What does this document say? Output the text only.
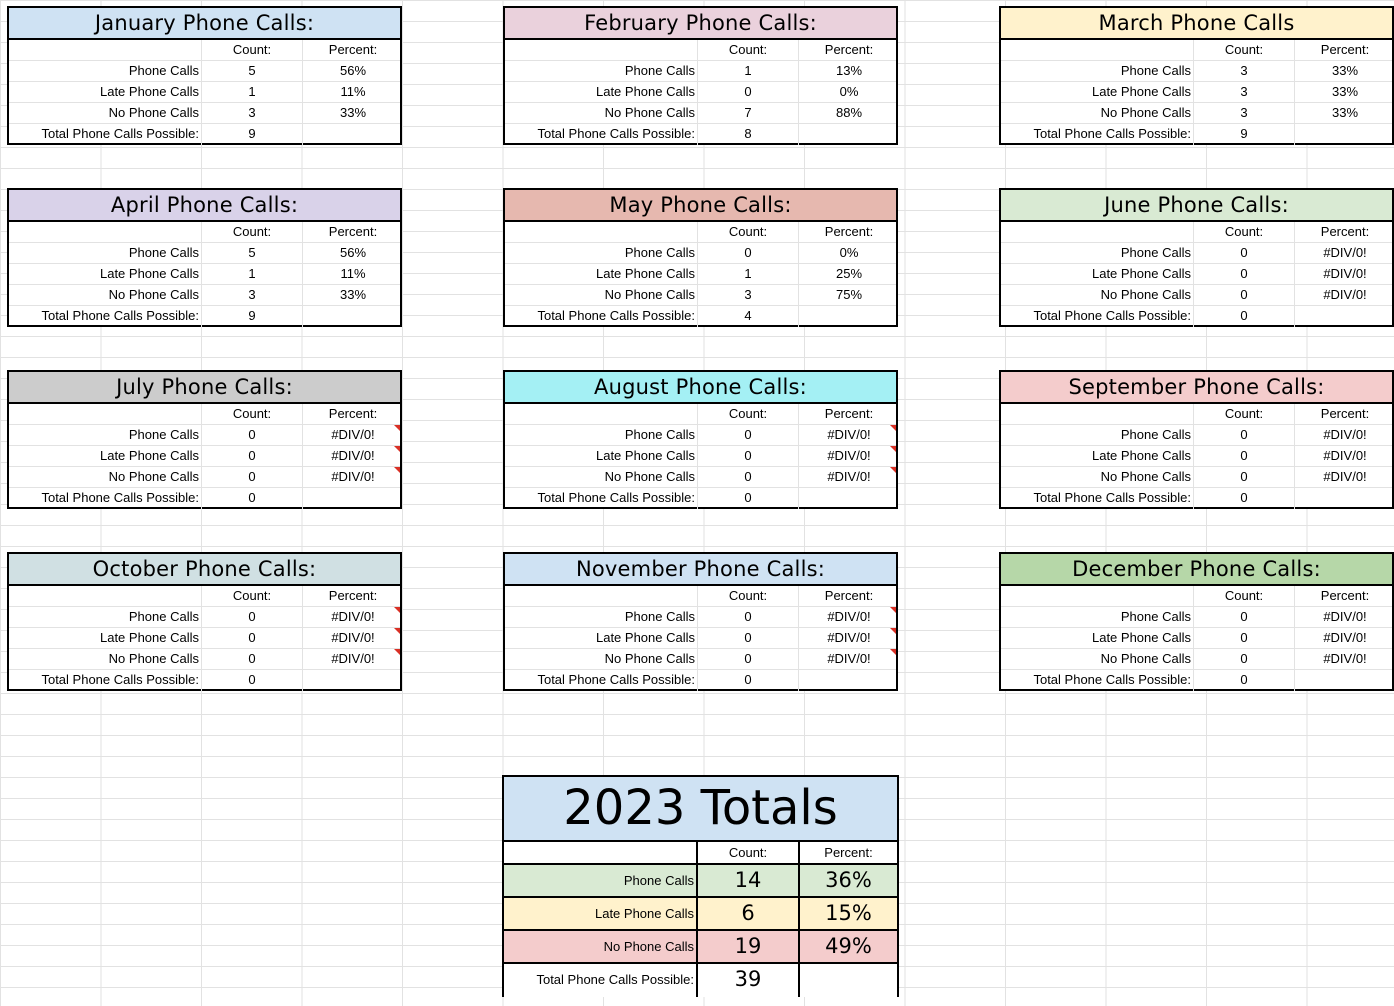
January Phone Calls:
Count:	Percent:
Phone Calls	5	56%
Late Phone Calls	1	11%
No Phone Calls	3	33%
Total Phone Calls Possible:	9
February Phone Calls:
Count:	Percent:
Phone Calls	1	13%
Late Phone Calls	0	0%
No Phone Calls	7	88%
Total Phone Calls Possible:	8
March Phone Calls
Count:	Percent:
Phone Calls	3	33%
Late Phone Calls	3	33%
No Phone Calls	3	33%
Total Phone Calls Possible:	9
April Phone Calls:
Count:	Percent:
Phone Calls	5	56%
Late Phone Calls	1	11%
No Phone Calls	3	33%
Total Phone Calls Possible:	9
May Phone Calls:
Count:	Percent:
Phone Calls	0	0%
Late Phone Calls	1	25%
No Phone Calls	3	75%
Total Phone Calls Possible:	4
June Phone Calls:
Count:	Percent:
Phone Calls	0	#DIV/0!
Late Phone Calls	0	#DIV/0!
No Phone Calls	0	#DIV/0!
Total Phone Calls Possible:	0
July Phone Calls:
Count:	Percent:
Phone Calls	0	#DIV/0!
Late Phone Calls	0	#DIV/0!
No Phone Calls	0	#DIV/0!
Total Phone Calls Possible:	0
August Phone Calls:
Count:	Percent:
Phone Calls	0	#DIV/0!
Late Phone Calls	0	#DIV/0!
No Phone Calls	0	#DIV/0!
Total Phone Calls Possible:	0
September Phone Calls:
Count:	Percent:
Phone Calls	0	#DIV/0!
Late Phone Calls	0	#DIV/0!
No Phone Calls	0	#DIV/0!
Total Phone Calls Possible:	0
October Phone Calls:
Count:	Percent:
Phone Calls	0	#DIV/0!
Late Phone Calls	0	#DIV/0!
No Phone Calls	0	#DIV/0!
Total Phone Calls Possible:	0
November Phone Calls:
Count:	Percent:
Phone Calls	0	#DIV/0!
Late Phone Calls	0	#DIV/0!
No Phone Calls	0	#DIV/0!
Total Phone Calls Possible:	0
December Phone Calls:
Count:	Percent:
Phone Calls	0	#DIV/0!
Late Phone Calls	0	#DIV/0!
No Phone Calls	0	#DIV/0!
Total Phone Calls Possible:	0
2023 Totals
Count:	Percent:
Phone Calls	14	36%
Late Phone Calls	6	15%
No Phone Calls	19	49%
Total Phone Calls Possible:	39
